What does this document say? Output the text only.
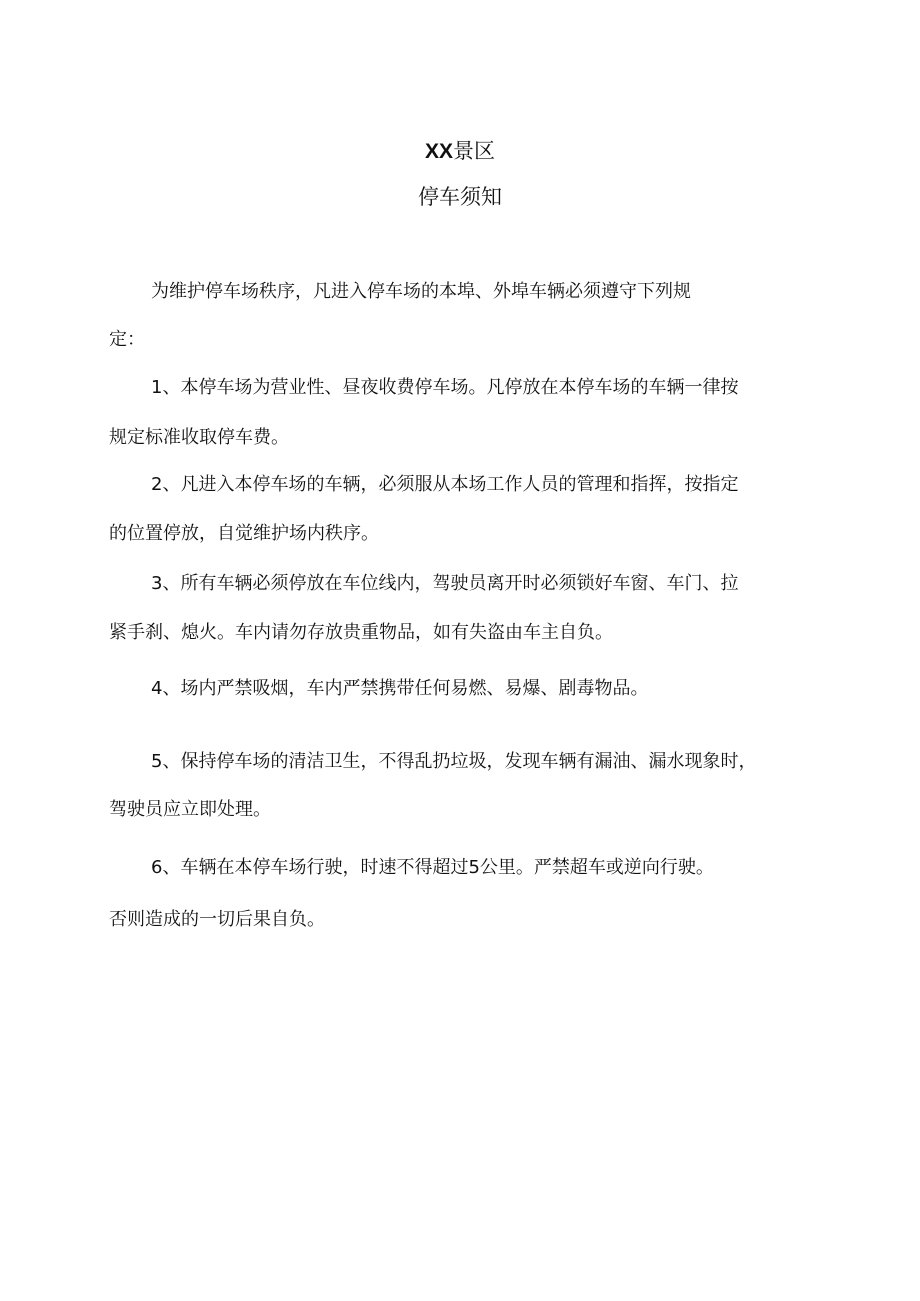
XX景区
停车须知
为维护停车场秩序，凡进入停车场的本埠、外埠车辆必须遵守下列规
定：
1、本停车场为营业性、昼夜收费停车场。凡停放在本停车场的车辆一律按
规定标准收取停车费。
2、凡进入本停车场的车辆，必须服从本场工作人员的管理和指挥，按指定
的位置停放，自觉维护场内秩序。
3、所有车辆必须停放在车位线内，驾驶员离开时必须锁好车窗、车门、拉
紧手刹、熄火。车内请勿存放贵重物品，如有失盗由车主自负。
4、场内严禁吸烟，车内严禁携带任何易燃、易爆、剧毒物品。
5、保持停车场的清洁卫生，不得乱扔垃圾，发现车辆有漏油、漏水现象时，
驾驶员应立即处理。
6、车辆在本停车场行驶，时速不得超过5公里。严禁超车或逆向行驶。
否则造成的一切后果自负。
